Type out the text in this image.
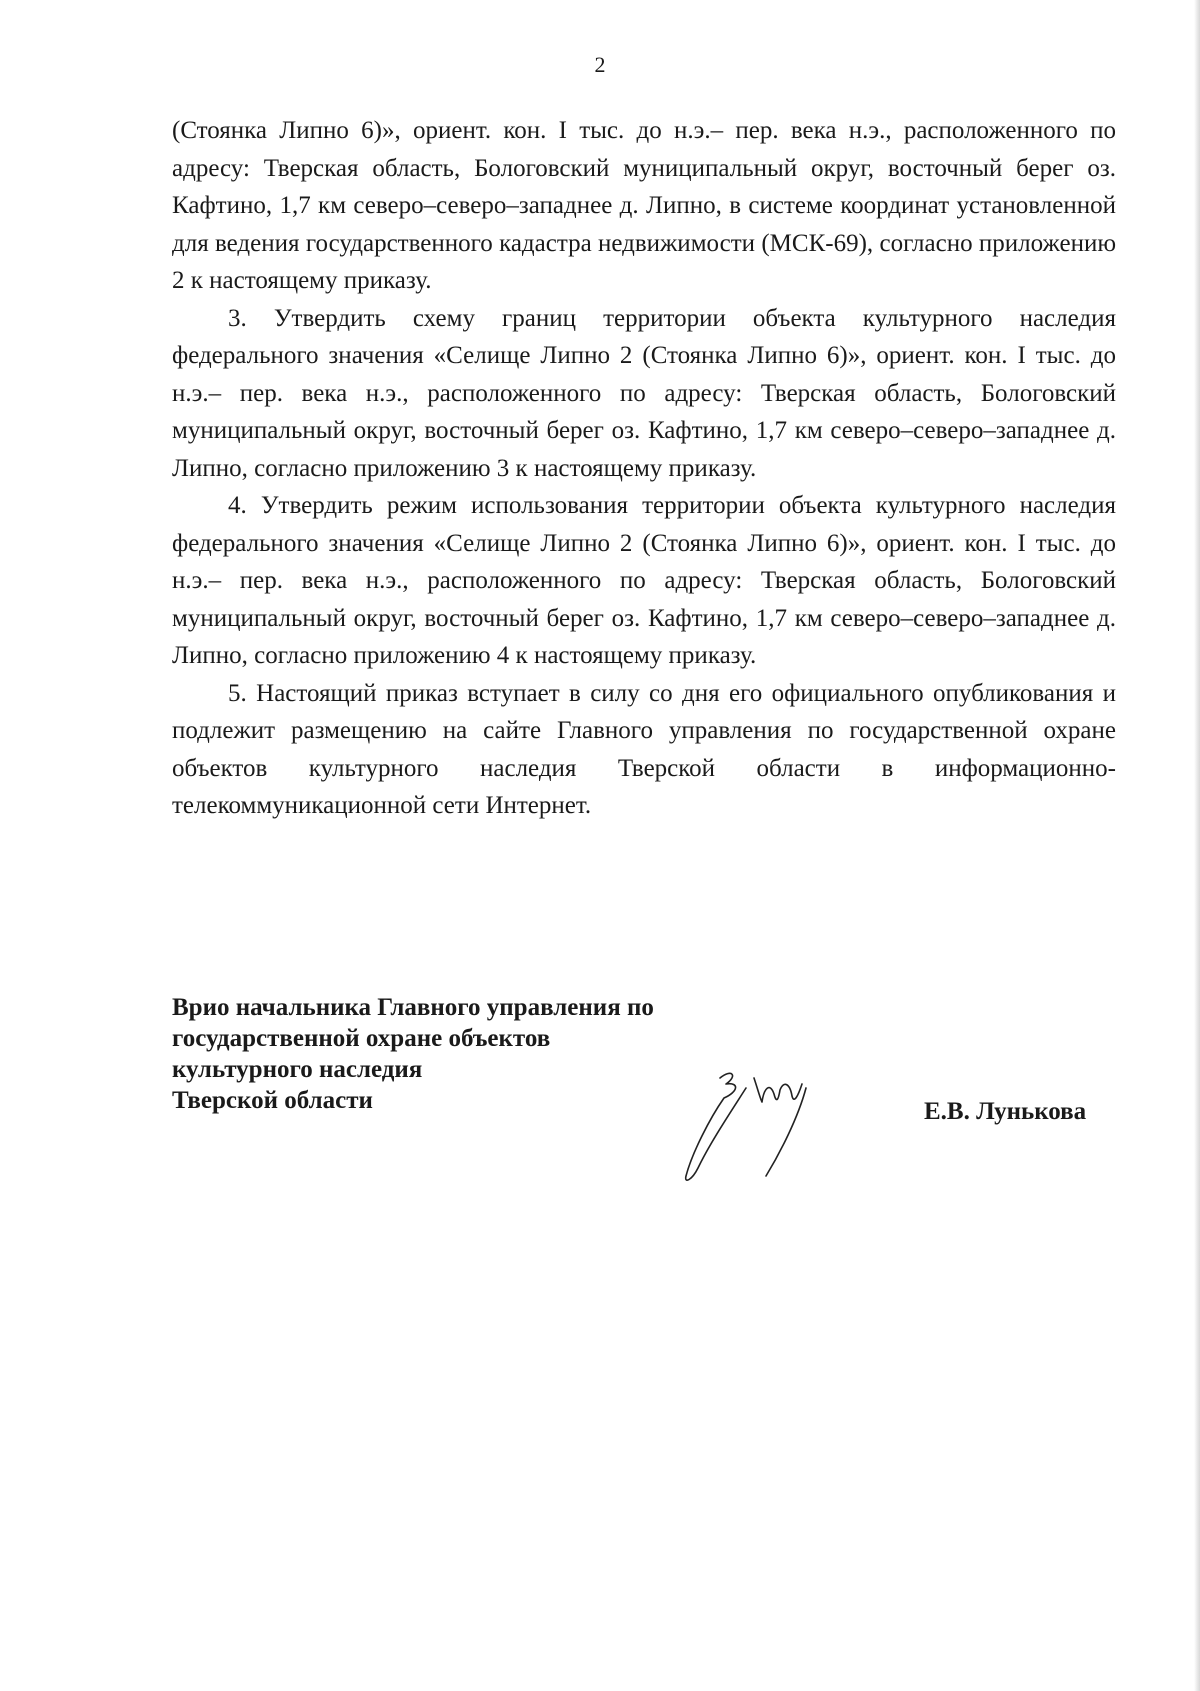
2

(Стоянка Липно 6)», ориент. кон. I тыс. до н.э.– пер. века н.э., расположенного по адресу: Тверская область, Бологовский муниципальный округ, восточный берег оз. Кафтино, 1,7 км северо–северо–западнее д. Липно, в системе координат установленной для ведения государственного кадастра недвижимости (МСК-69), согласно приложению 2 к настоящему приказу.

3. Утвердить схему границ территории объекта культурного наследия федерального значения «Селище Липно 2 (Стоянка Липно 6)», ориент. кон. I тыс. до н.э.– пер. века н.э., расположенного по адресу: Тверская область, Бологовский муниципальный округ, восточный берег оз. Кафтино, 1,7 км северо–северо–западнее д. Липно, согласно приложению 3 к настоящему приказу.

4. Утвердить режим использования территории объекта культурного наследия федерального значения «Селище Липно 2 (Стоянка Липно 6)», ориент. кон. I тыс. до н.э.– пер. века н.э., расположенного по адресу: Тверская область, Бологовский муниципальный округ, восточный берег оз. Кафтино, 1,7 км северо–северо–западнее д. Липно, согласно приложению 4 к настоящему приказу.

5. Настоящий приказ вступает в силу со дня его официального опубликования и подлежит размещению на сайте Главного управления по государственной охране объектов культурного наследия Тверской области в информационно-телекоммуникационной сети Интернет.

Врио начальника Главного управления по
государственной охране объектов
культурного наследия
Тверской области	Е.В. Лунькова
